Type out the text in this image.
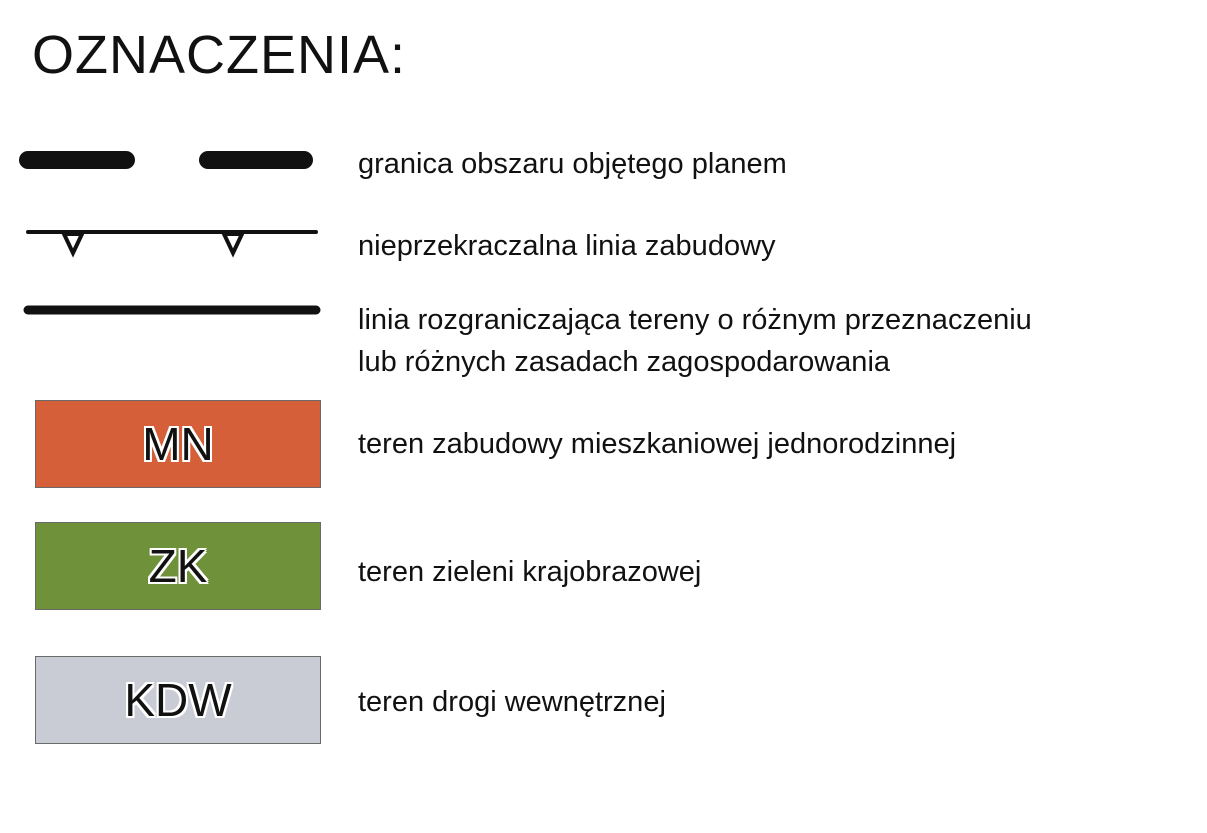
OZNACZENIA:
granica obszaru objętego planem
nieprzekraczalna linia zabudowy
linia rozgraniczająca tereny o różnym przeznaczeniu
lub różnych zasadach zagospodarowania
MN	teren zabudowy mieszkaniowej jednorodzinnej
ZK	teren zieleni krajobrazowej
KDW	teren drogi wewnętrznej
